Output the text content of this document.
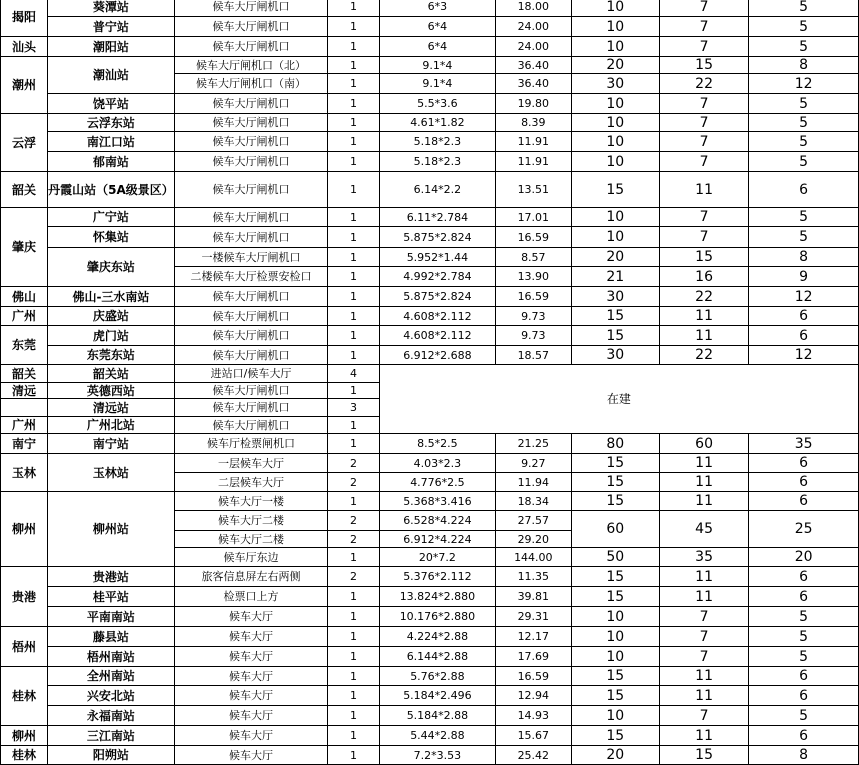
揭阳	葵潭站	候车大厅闸机口	1	6*3	18.00	10	7	5
	普宁站	候车大厅闸机口	1	6*4	24.00	10	7	5
汕头	潮阳站	候车大厅闸机口	1	6*4	24.00	10	7	5
潮州	潮汕站	候车大厅闸机口（北）	1	9.1*4	36.40	20	15	8
		候车大厅闸机口（南）	1	9.1*4	36.40	30	22	12
	饶平站	候车大厅闸机口	1	5.5*3.6	19.80	10	7	5
云浮	云浮东站	候车大厅闸机口	1	4.61*1.82	8.39	10	7	5
	南江口站	候车大厅闸机口	1	5.18*2.3	11.91	10	7	5
	郁南站	候车大厅闸机口	1	5.18*2.3	11.91	10	7	5
韶关	丹霞山站（5A级景区）	候车大厅闸机口	1	6.14*2.2	13.51	15	11	6
肇庆	广宁站	候车大厅闸机口	1	6.11*2.784	17.01	10	7	5
	怀集站	候车大厅闸机口	1	5.875*2.824	16.59	10	7	5
	肇庆东站	一楼候车大厅闸机口	1	5.952*1.44	8.57	20	15	8
		二楼候车大厅检票安检口	1	4.992*2.784	13.90	21	16	9
佛山	佛山-三水南站	候车大厅闸机口	1	5.875*2.824	16.59	30	22	12
广州	庆盛站	候车大厅闸机口	1	4.608*2.112	9.73	15	11	6
东莞	虎门站	候车大厅闸机口	1	4.608*2.112	9.73	15	11	6
	东莞东站	候车大厅闸机口	1	6.912*2.688	18.57	30	22	12
韶关	韶关站	进站口/候车大厅	4	在建				
清远	英德西站	候车大厅闸机口	1					
	清远站	候车大厅闸机口	3					
广州	广州北站	候车大厅闸机口	1					
南宁	南宁站	候车厅检票闸机口	1	8.5*2.5	21.25	80	60	35
玉林	玉林站	一层候车大厅	2	4.03*2.3	9.27	15	11	6
		二层候车大厅	2	4.776*2.5	11.94	15	11	6
柳州	柳州站	候车大厅一楼	1	5.368*3.416	18.34	15	11	6
		候车大厅二楼	2	6.528*4.224	27.57	60	45	25
		候车大厅二楼	2	6.912*4.224	29.20			
		候车厅东边	1	20*7.2	144.00	50	35	20
贵港	贵港站	旅客信息屏左右两侧	2	5.376*2.112	11.35	15	11	6
	桂平站	检票口上方	1	13.824*2.880	39.81	15	11	6
	平南南站	候车大厅	1	10.176*2.880	29.31	10	7	5
梧州	藤县站	候车大厅	1	4.224*2.88	12.17	10	7	5
	梧州南站	候车大厅	1	6.144*2.88	17.69	10	7	5
桂林	全州南站	候车大厅	1	5.76*2.88	16.59	15	11	6
	兴安北站	候车大厅	1	5.184*2.496	12.94	15	11	6
	永福南站	候车大厅	1	5.184*2.88	14.93	10	7	5
柳州	三江南站	候车大厅	1	5.44*2.88	15.67	15	11	6
桂林	阳朔站	候车大厅	1	7.2*3.53	25.42	20	15	8
